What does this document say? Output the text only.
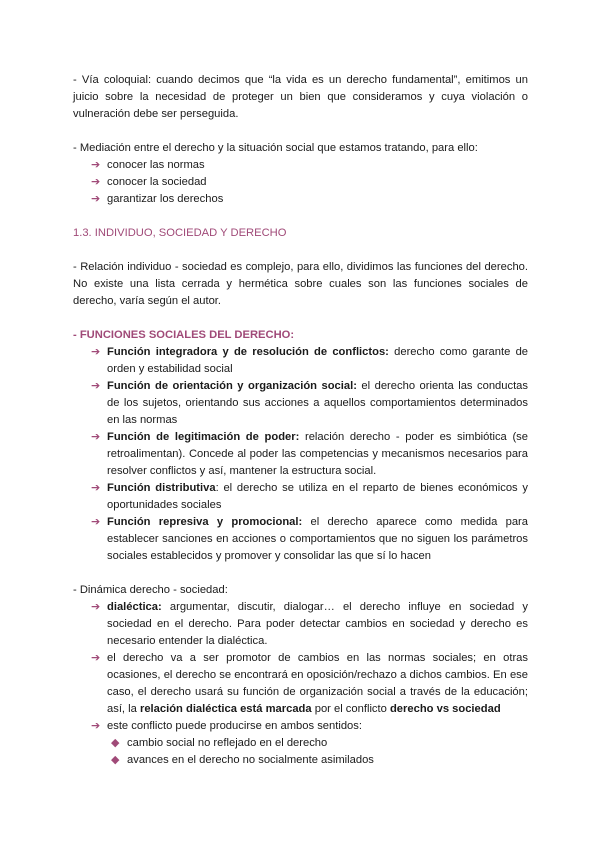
- Vía coloquial: cuando decimos que “la vida es un derecho fundamental”, emitimos un juicio sobre la necesidad de proteger un bien que consideramos y cuya violación o vulneración debe ser perseguida.

- Mediación entre el derecho y la situación social que estamos tratando, para ello:

➔ conocer las normas
➔ conocer la sociedad
➔ garantizar los derechos

1.3. INDIVIDUO, SOCIEDAD Y DERECHO

- Relación individuo - sociedad es complejo, para ello, dividimos las funciones del derecho. No existe una lista cerrada y hermética sobre cuales son las funciones sociales de derecho, varía según el autor.

- FUNCIONES SOCIALES DEL DERECHO:

➔ Función integradora y de resolución de conflictos: derecho como garante de orden y estabilidad social
➔ Función de orientación y organización social: el derecho orienta las conductas de los sujetos, orientando sus acciones a aquellos comportamientos determinados en las normas
➔ Función de legitimación de poder: relación derecho - poder es simbiótica (se retroalimentan). Concede al poder las competencias y mecanismos necesarios para resolver conflictos y así, mantener la estructura social.
➔ Función distributiva: el derecho se utiliza en el reparto de bienes económicos y oportunidades sociales
➔ Función represiva y promocional: el derecho aparece como medida para establecer sanciones en acciones o comportamientos que no siguen los parámetros sociales establecidos y promover y consolidar las que sí lo hacen

- Dinámica derecho - sociedad:

➔ dialéctica: argumentar, discutir, dialogar… el derecho influye en sociedad y sociedad en el derecho. Para poder detectar cambios en sociedad y derecho es necesario entender la dialéctica.
➔ el derecho va a ser promotor de cambios en las normas sociales; en otras ocasiones, el derecho se encontrará en oposición/rechazo a dichos cambios. En ese caso, el derecho usará su función de organización social a través de la educación; así, la relación dialéctica está marcada por el conflicto derecho vs sociedad
➔ este conflicto puede producirse en ambos sentidos:
◆ cambio social no reflejado en el derecho
◆ avances en el derecho no socialmente asimilados
